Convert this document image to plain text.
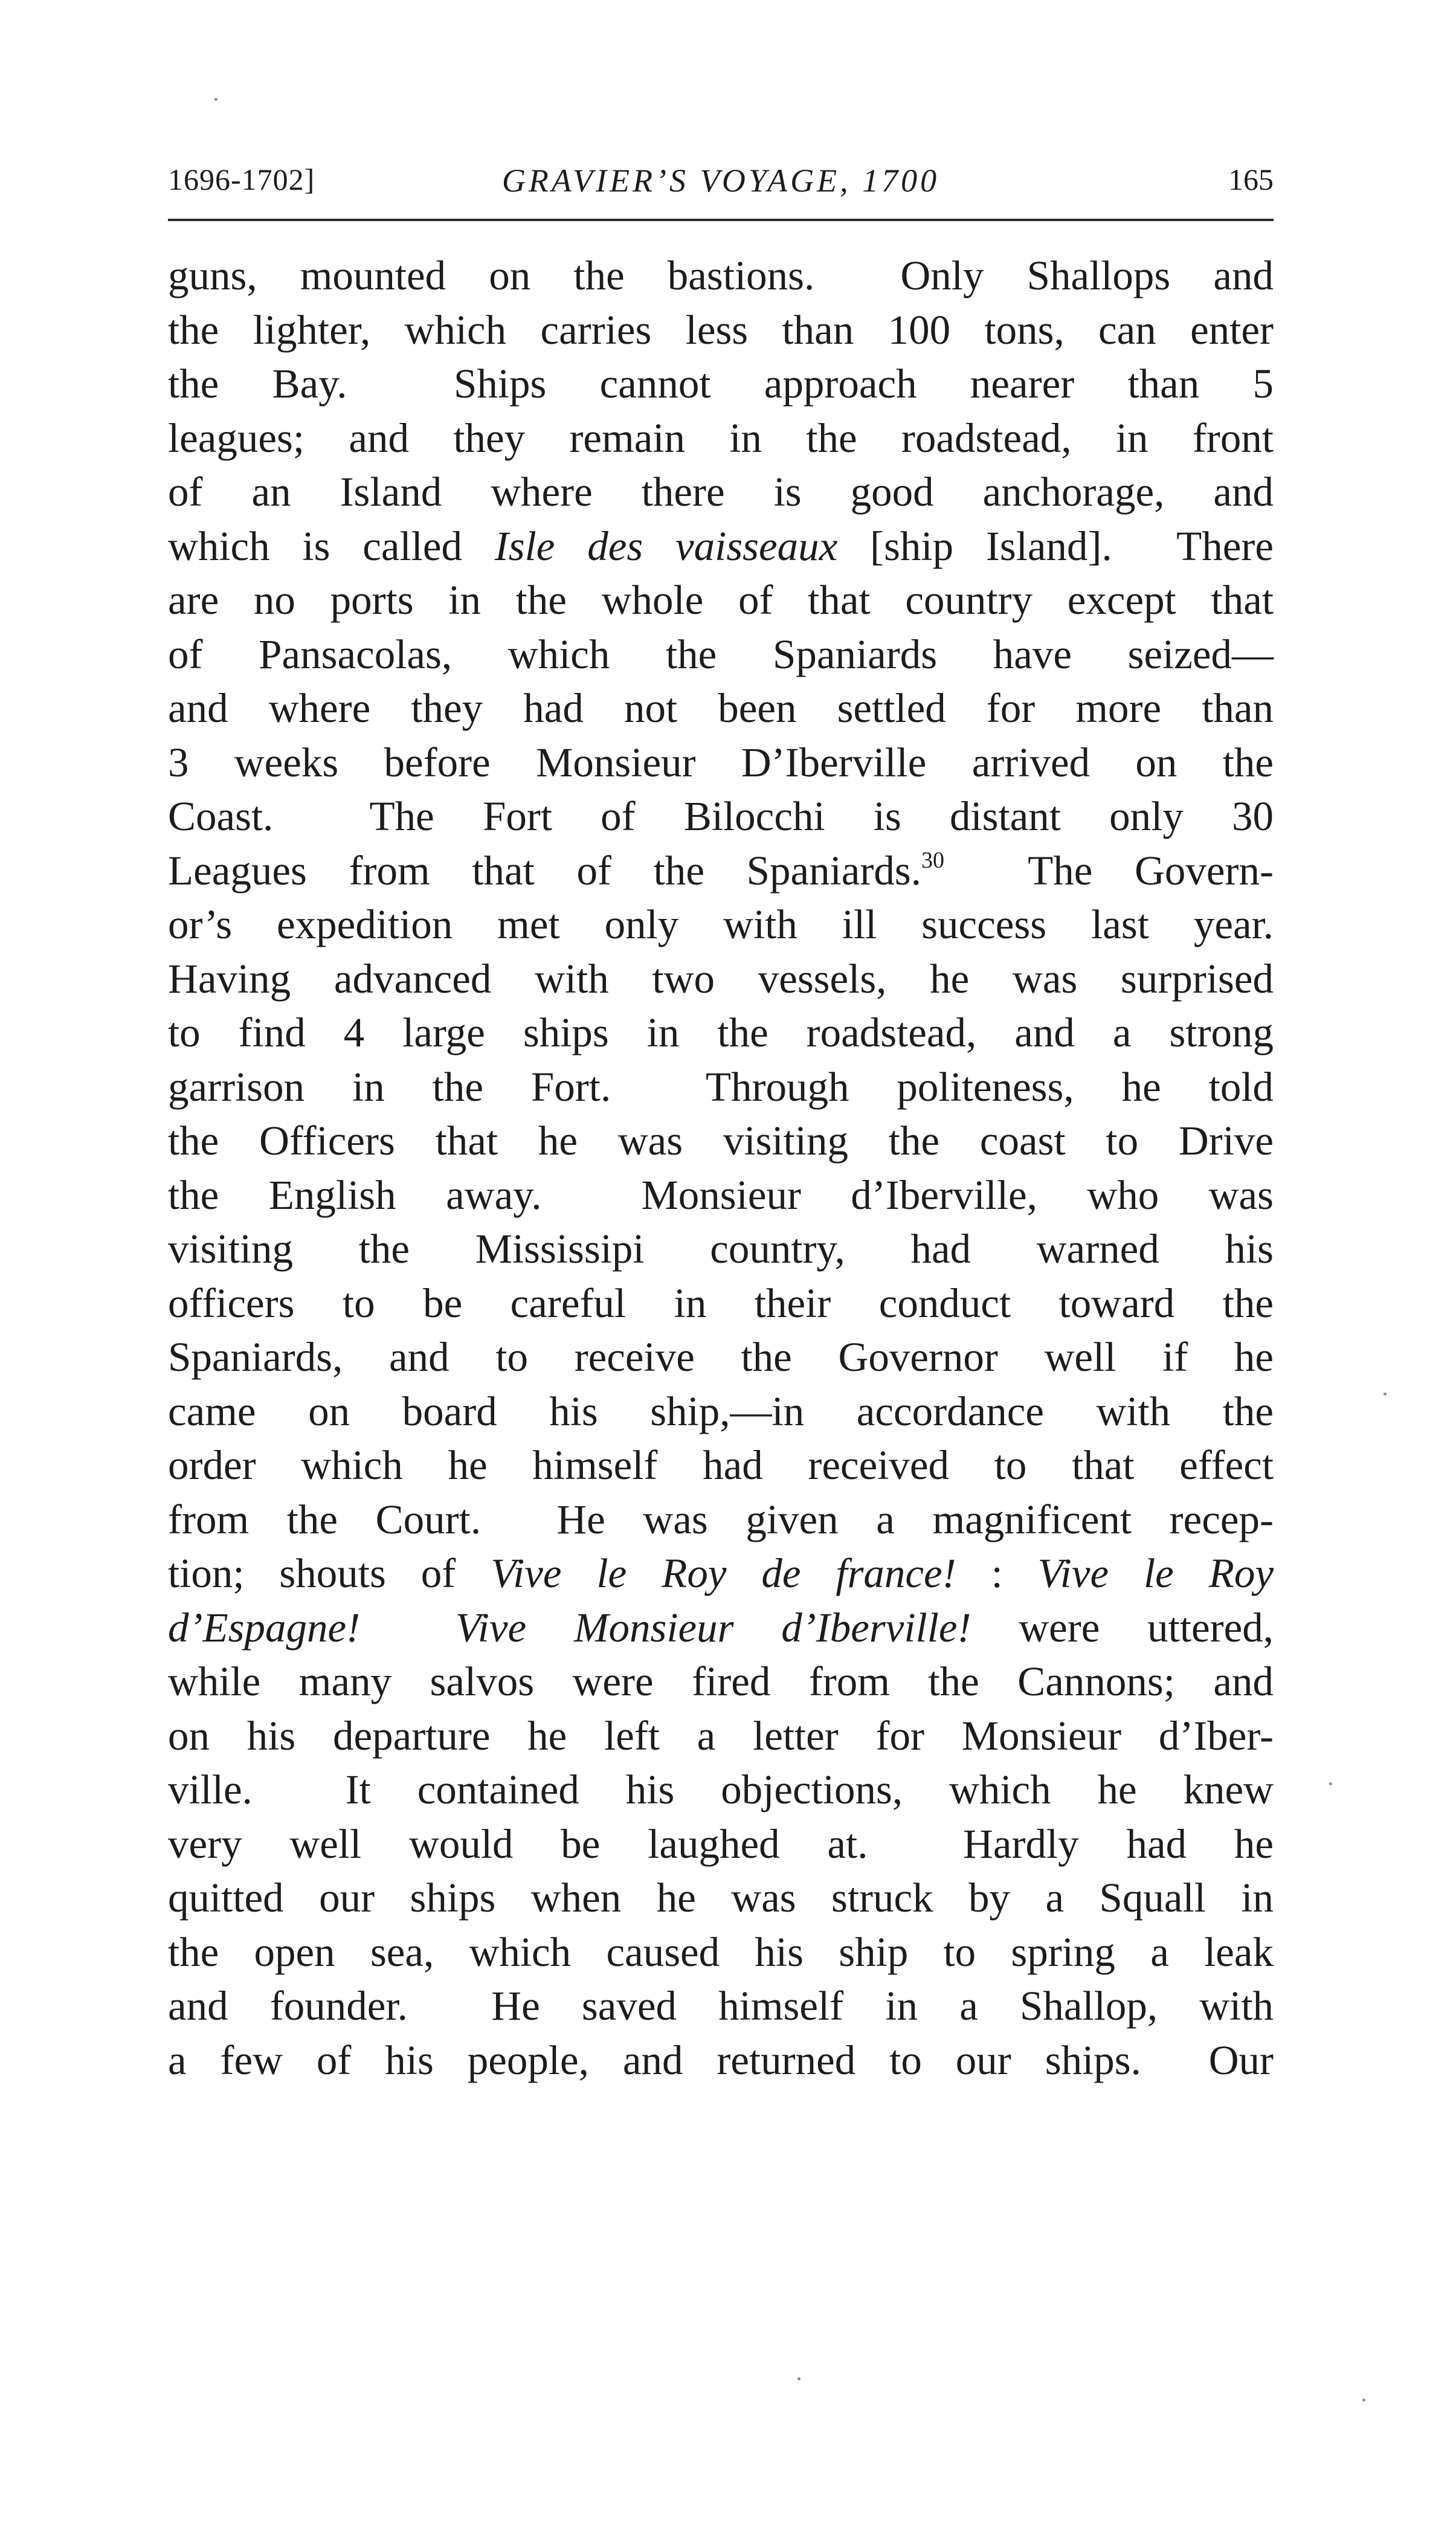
1696-1702]	GRAVIER’S VOYAGE, 1700	165
guns, mounted on the bastions.  Only Shallops and
the lighter, which carries less than 100 tons, can enter
the Bay.  Ships cannot approach nearer than 5
leagues; and they remain in the roadstead, in front
of an Island where there is good anchorage, and
which is called Isle des vaisseaux [ship Island].  There
are no ports in the whole of that country except that
of Pansacolas, which the Spaniards have seized—
and where they had not been settled for more than
3 weeks before Monsieur D’Iberville arrived on the
Coast.  The Fort of Bilocchi is distant only 30
Leagues from that of the Spaniards.$^{30}$  The Govern-
or’s expedition met only with ill success last year.
Having advanced with two vessels, he was surprised
to find 4 large ships in the roadstead, and a strong
garrison in the Fort.  Through politeness, he told
the Officers that he was visiting the coast to Drive
the English away.  Monsieur d’Iberville, who was
visiting the Mississipi country, had warned his
officers to be careful in their conduct toward the
Spaniards, and to receive the Governor well if he
came on board his ship,—in accordance with the
order which he himself had received to that effect
from the Court.  He was given a magnificent recep-
tion; shouts of Vive le Roy de france! : Vive le Roy
d’Espagne! Vive Monsieur d’Iberville! were uttered,
while many salvos were fired from the Cannons; and
on his departure he left a letter for Monsieur d’Iber-
ville.  It contained his objections, which he knew
very well would be laughed at.  Hardly had he
quitted our ships when he was struck by a Squall in
the open sea, which caused his ship to spring a leak
and founder.  He saved himself in a Shallop, with
a few of his people, and returned to our ships.  Our
